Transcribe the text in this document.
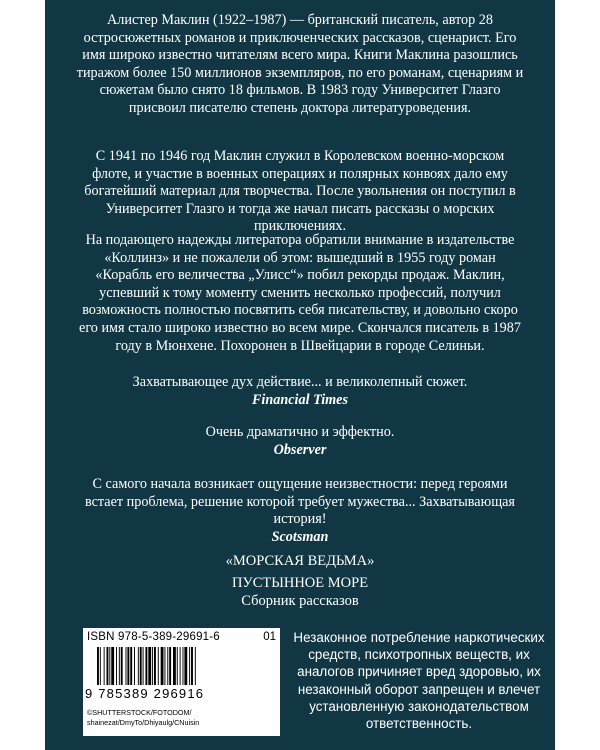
Алистер Маклин (1922–1987) — британский писатель, автор 28 остросюжетных романов и приключенческих рассказов, сценарист. Его имя широко известно читателям всего мира. Книги Маклина разошлись тиражом более 150 миллионов экземпляров, по его романам, сценариям и сюжетам было снято 18 фильмов. В 1983 году Университет Глазго присвоил писателю степень доктора литературоведения.

С 1941 по 1946 год Маклин служил в Королевском военно-морском флоте, и участие в военных операциях и полярных конвоях дало ему богатейший материал для творчества. После увольнения он поступил в Университет Глазго и тогда же начал писать рассказы о морских приключениях.

На подающего надежды литератора обратили внимание в издательстве «Коллинз» и не пожалели об этом: вышедший в 1955 году роман «Корабль его величества „Улисс“» побил рекорды продаж. Маклин, успевший к тому моменту сменить несколько профессий, получил возможность полностью посвятить себя писательству, и довольно скоро его имя стало широко известно во всем мире. Скончался писатель в 1987 году в Мюнхене. Похоронен в Швейцарии в городе Селиньи.

Захватывающее дух действие... и великолепный сюжет.
Financial Times
Очень драматично и эффектно.
Observer
С самого начала возникает ощущение неизвестности: перед героями встает проблема, решение которой требует мужества... Захватывающая история!
Scotsman
«МОРСКАЯ ВЕДЬМА»
ПУСТЫННОЕ МОРЕ
Сборник рассказов
ISBN 978-5-389-29691-6	01
9 785389 296916
©SHUTTERSTOCK/FOTODOM/ shainezat/DmyTo/Dhiyaulg/CNuisin
Незаконное потребление наркотических средств, психотропных веществ, их аналогов причиняет вред здоровью, их незаконный оборот запрещен и влечет установленную законодательством ответственность.
